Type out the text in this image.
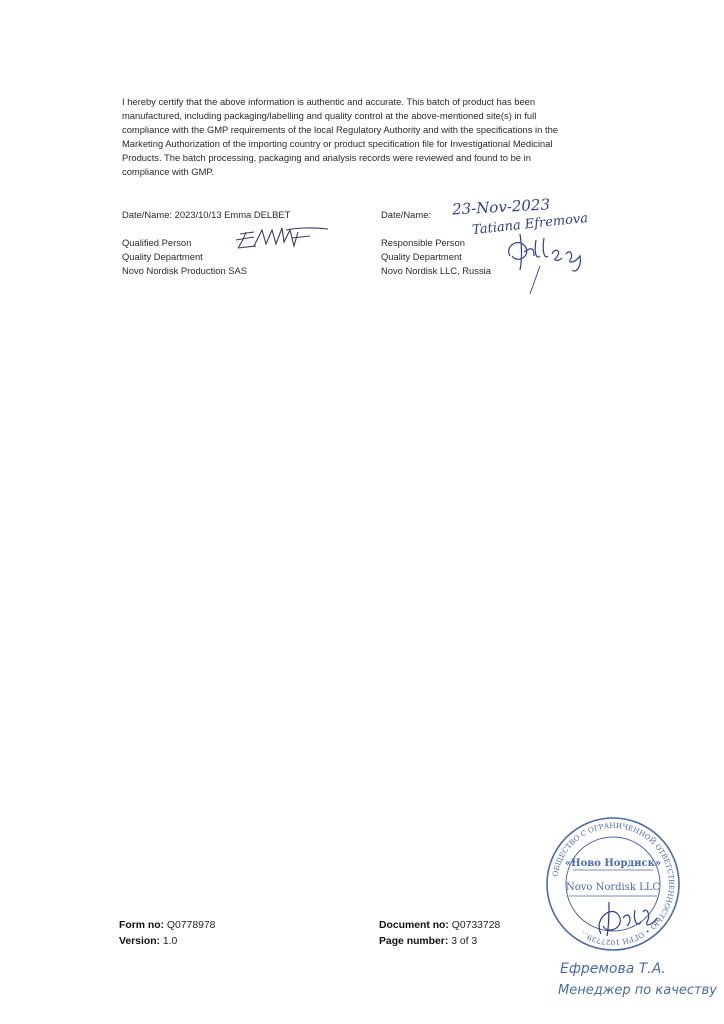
I hereby certify that the above information is authentic and accurate. This batch of product has been
manufactured, including packaging/labelling and quality control at the above-mentioned site(s) in full
compliance with the GMP requirements of the local Regulatory Authority and with the specifications in the
Marketing Authorization of the importing country or product specification file for Investigational Medicinal
Products. The batch processing, packaging and analysis records were reviewed and found to be in
compliance with GMP.

Date/Name: 2023/10/13 Emma DELBET
Qualified Person
Quality Department
Novo Nordisk Production SAS
Date/Name:
Responsible Person
Quality Department
Novo Nordisk LLC, Russia
23-Nov-2023
Tatiana Efremova
Form no: Q0778978
Version: 1.0
Document no: Q0733728
Page number: 3 of 3
ОБЩЕСТВО С ОГРАНИЧЕННОЙ ОТВЕТСТВЕННОСТЬЮ • ОГРН 1027739...
«Ново Нордиск»
Novo Nordisk LLC
Ефремова Т.А.
Менеджер по качеству
